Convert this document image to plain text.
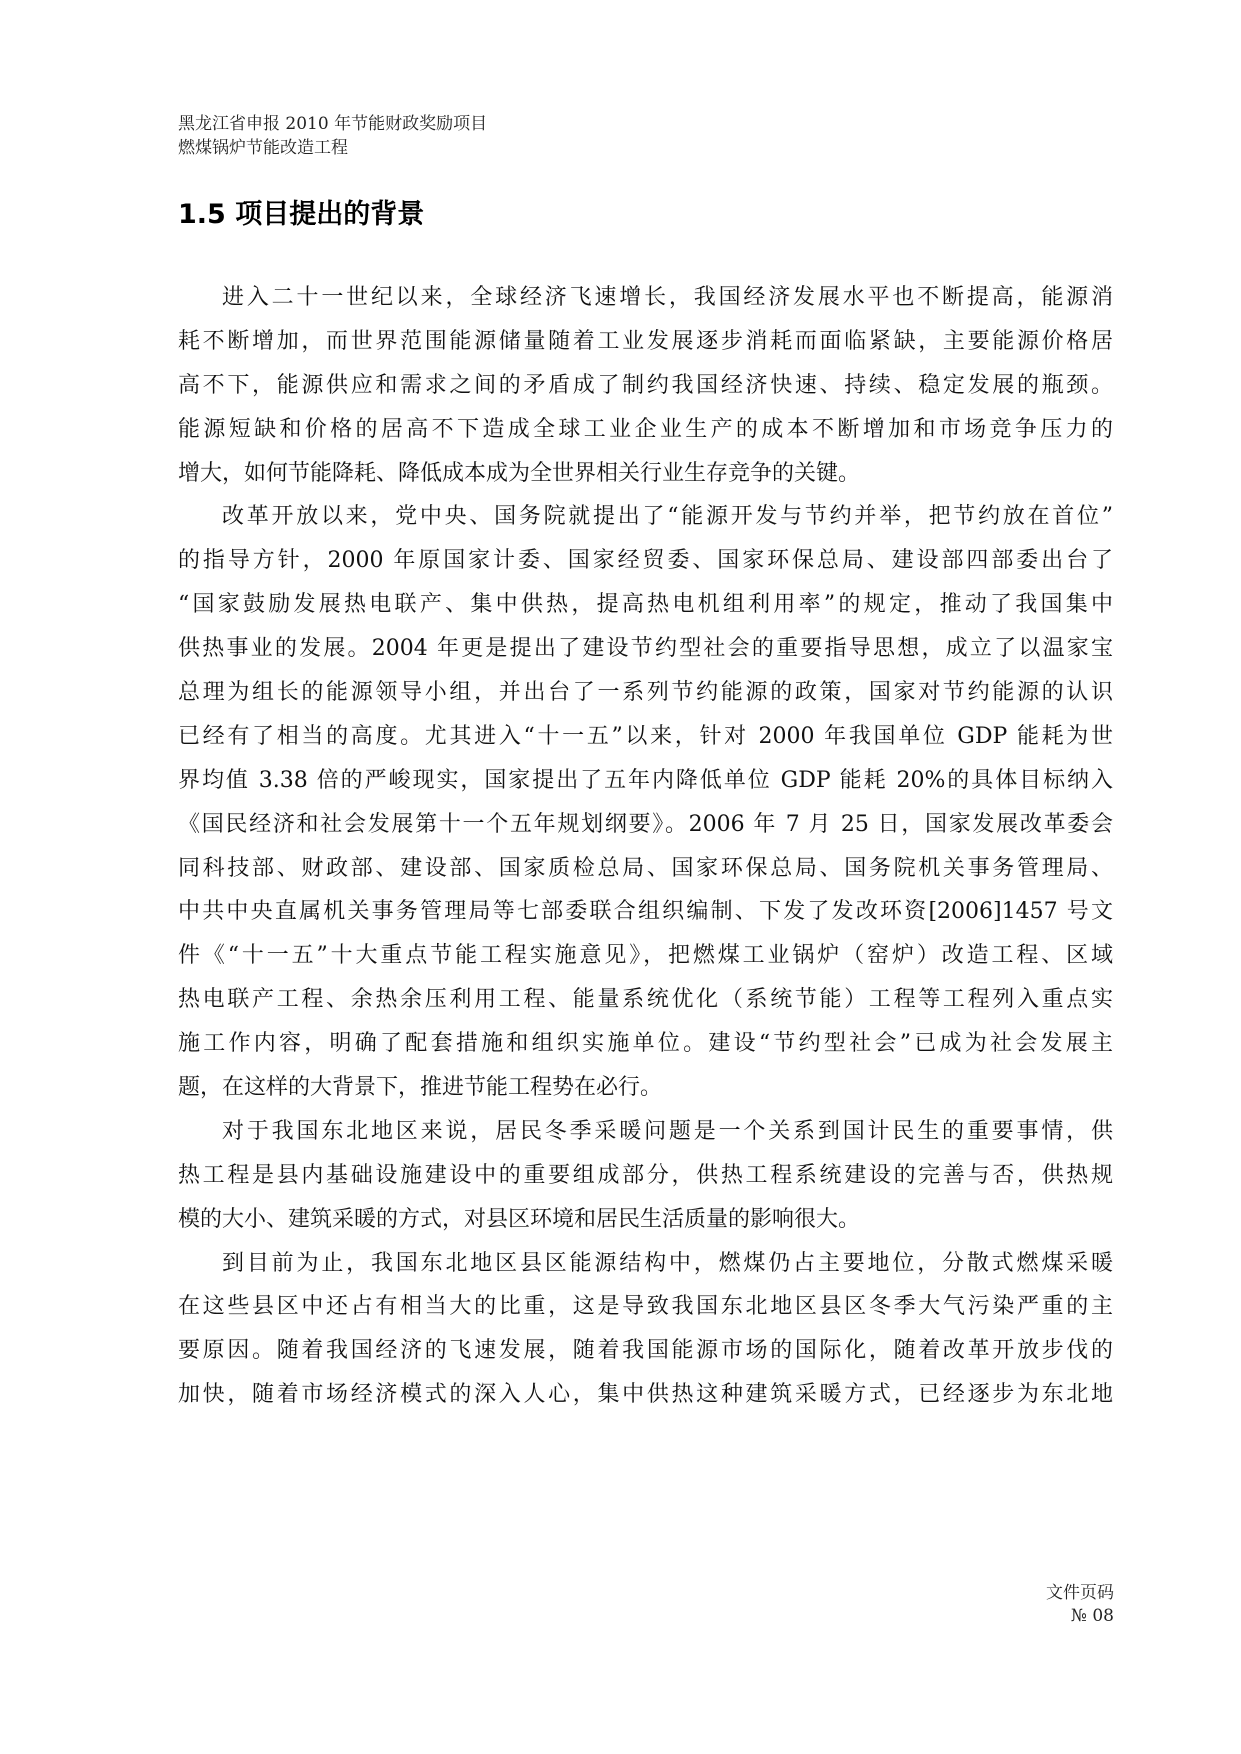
黑龙江省申报 2010 年节能财政奖励项目
燃煤锅炉节能改造工程
1.5 项目提出的背景
进入二十一世纪以来，全球经济飞速增长，我国经济发展水平也不断提高，能源消
耗不断增加，而世界范围能源储量随着工业发展逐步消耗而面临紧缺，主要能源价格居
高不下，能源供应和需求之间的矛盾成了制约我国经济快速、持续、稳定发展的瓶颈。
能源短缺和价格的居高不下造成全球工业企业生产的成本不断增加和市场竞争压力的
增大，如何节能降耗、降低成本成为全世界相关行业生存竞争的关键。
改革开放以来，党中央、国务院就提出了“能源开发与节约并举，把节约放在首位”
的指导方针，2000 年原国家计委、国家经贸委、国家环保总局、建设部四部委出台了
“国家鼓励发展热电联产、集中供热，提高热电机组利用率”的规定，推动了我国集中
供热事业的发展。2004 年更是提出了建设节约型社会的重要指导思想，成立了以温家宝
总理为组长的能源领导小组，并出台了一系列节约能源的政策，国家对节约能源的认识
已经有了相当的高度。尤其进入“十一五”以来，针对 2000 年我国单位 GDP 能耗为世
界均值 3.38 倍的严峻现实，国家提出了五年内降低单位 GDP 能耗 20%的具体目标纳入
《国民经济和社会发展第十一个五年规划纲要》。2006 年 7 月 25 日，国家发展改革委会
同科技部、财政部、建设部、国家质检总局、国家环保总局、国务院机关事务管理局、
中共中央直属机关事务管理局等七部委联合组织编制、下发了发改环资[2006]1457 号文
件《“十一五”十大重点节能工程实施意见》，把燃煤工业锅炉（窑炉）改造工程、区域
热电联产工程、余热余压利用工程、能量系统优化（系统节能）工程等工程列入重点实
施工作内容，明确了配套措施和组织实施单位。建设“节约型社会”已成为社会发展主
题，在这样的大背景下，推进节能工程势在必行。
对于我国东北地区来说，居民冬季采暖问题是一个关系到国计民生的重要事情，供
热工程是县内基础设施建设中的重要组成部分，供热工程系统建设的完善与否，供热规
模的大小、建筑采暖的方式，对县区环境和居民生活质量的影响很大。
到目前为止，我国东北地区县区能源结构中，燃煤仍占主要地位，分散式燃煤采暖
在这些县区中还占有相当大的比重，这是导致我国东北地区县区冬季大气污染严重的主
要原因。随着我国经济的飞速发展，随着我国能源市场的国际化，随着改革开放步伐的
加快，随着市场经济模式的深入人心，集中供热这种建筑采暖方式，已经逐步为东北地
文件页码
№ 08
